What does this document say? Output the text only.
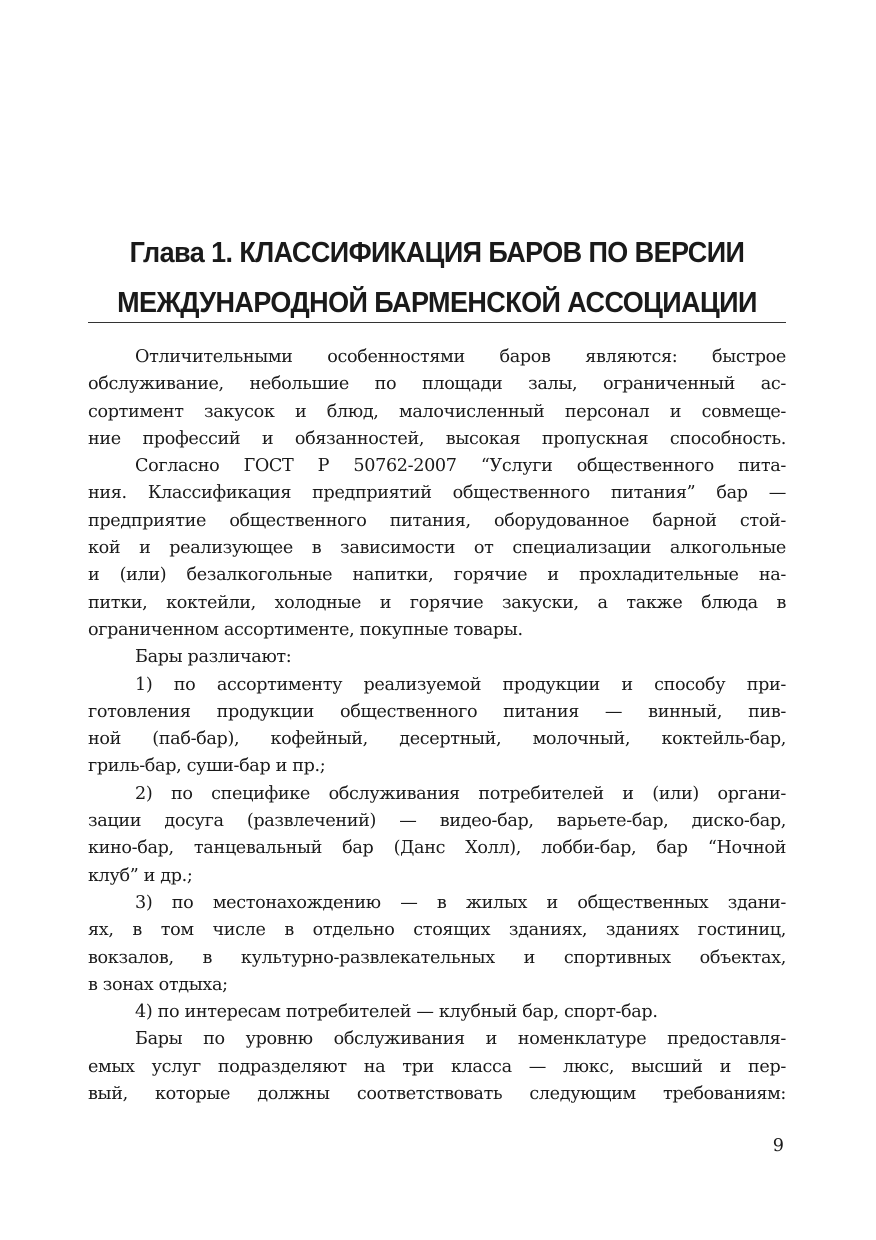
Глава 1. КЛАССИФИКАЦИЯ БАРОВ ПО ВЕРСИИ
МЕЖДУНАРОДНОЙ БАРМЕНСКОЙ АССОЦИАЦИИ
Отличительными особенностями баров являются: быстрое
обслуживание, небольшие по площади залы, ограниченный ас-
сортимент закусок и блюд, малочисленный персонал и совмеще-
ние профессий и обязанностей, высокая пропускная способность.
Согласно ГОСТ Р 50762-2007 “Услуги общественного пита-
ния. Классификация предприятий общественного питания” бар —
предприятие общественного питания, оборудованное барной стой-
кой и реализующее в зависимости от специализации алкогольные
и (или) безалкогольные напитки, горячие и прохладительные на-
питки, коктейли, холодные и горячие закуски, а также блюда в
ограниченном ассортименте, покупные товары.
Бары различают:
1) по ассортименту реализуемой продукции и способу при-
готовления продукции общественного питания — винный, пив-
ной (паб-бар), кофейный, десертный, молочный, коктейль-бар,
гриль-бар, суши-бар и пр.;
2) по специфике обслуживания потребителей и (или) органи-
зации досуга (развлечений) — видео-бар, варьете-бар, диско-бар,
кино-бар, танцевальный бар (Данс Холл), лобби-бар, бар “Ночной
клуб” и др.;
3) по местонахождению — в жилых и общественных здани-
ях, в том числе в отдельно стоящих зданиях, зданиях гостиниц,
вокзалов, в культурно-развлекательных и спортивных объектах,
в зонах отдыха;
4) по интересам потребителей — клубный бар, спорт-бар.
Бары по уровню обслуживания и номенклатуре предоставля-
емых услуг подразделяют на три класса — люкс, высший и пер-
вый, которые должны соответствовать следующим требованиям:
9
